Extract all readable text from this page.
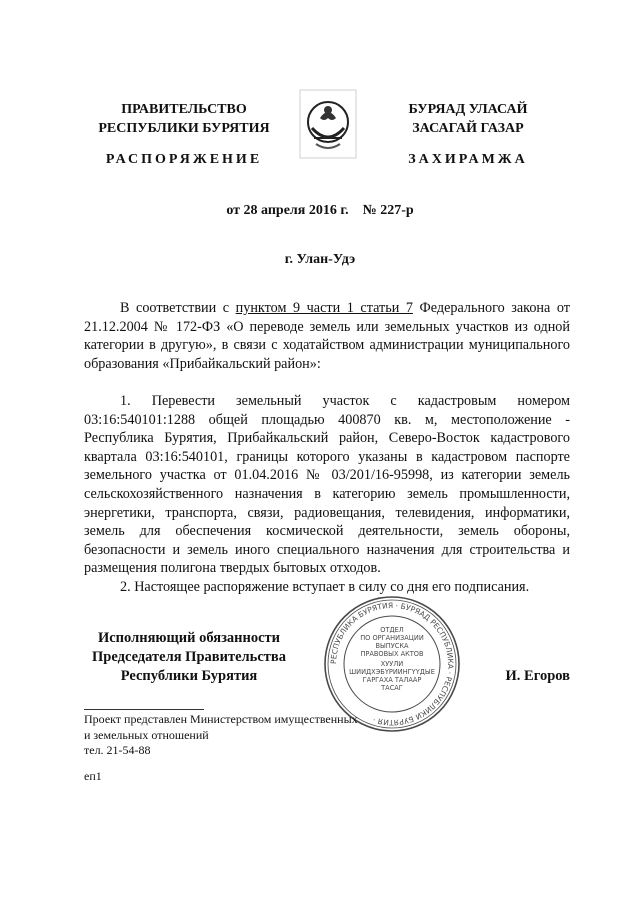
ПРАВИТЕЛЬСТВО
РЕСПУБЛИКИ БУРЯТИЯ
РАСПОРЯЖЕНИЕ
БУРЯАД УЛАСАЙ
ЗАСАГАЙ ГАЗАР
ЗАХИРАМЖА
от 28 апреля 2016 г.    № 227-р
г. Улан-Удэ

В соответствии с пунктом 9 части 1 статьи 7 Федерального закона от 21.12.2004 № 172-ФЗ «О переводе земель или земельных участков из одной категории в другую», в связи с ходатайством администрации муниципального образования «Прибайкальский район»:

1. Перевести земельный участок с кадастровым номером 03:16:540101:1288 общей площадью 400870 кв. м, местоположение - Республика Бурятия, Прибайкальский район, Северо-Восток кадастрового квартала 03:16:540101, границы которого указаны в кадастровом паспорте земельного участка от 01.04.2016 № 03/201/16-95998, из категории земель сельскохозяйственного назначения в категорию земель промышленности, энергетики, транспорта, связи, радиовещания, телевидения, информатики, земель для обеспечения космической деятельности, земель обороны, безопасности и земель иного специального назначения для строительства и размещения полигона твердых бытовых отходов.

2. Настоящее распоряжение вступает в силу со дня его подписания.

Исполняющий обязанности
Председателя Правительства
Республики Бурятия	И. Егоров
РЕСПУБЛИКА БУРЯТИЯ · БУРЯАД РЕСПУБЛИКА · РЕСПУБЛИКИ БУРЯТИЯ ·
ОТДЕЛ
ПО ОРГАНИЗАЦИИ
ВЫПУСКА
ПРАВОВЫХ АКТОВ
ХУУЛИ
ШИИДХЭБҮРИИНГҮҮДЫЕ
ГАРГАХА ТАЛААР
ТАСАГ
Проект представлен Министерством имущественных
и земельных отношений
тел. 21-54-88
еп1
